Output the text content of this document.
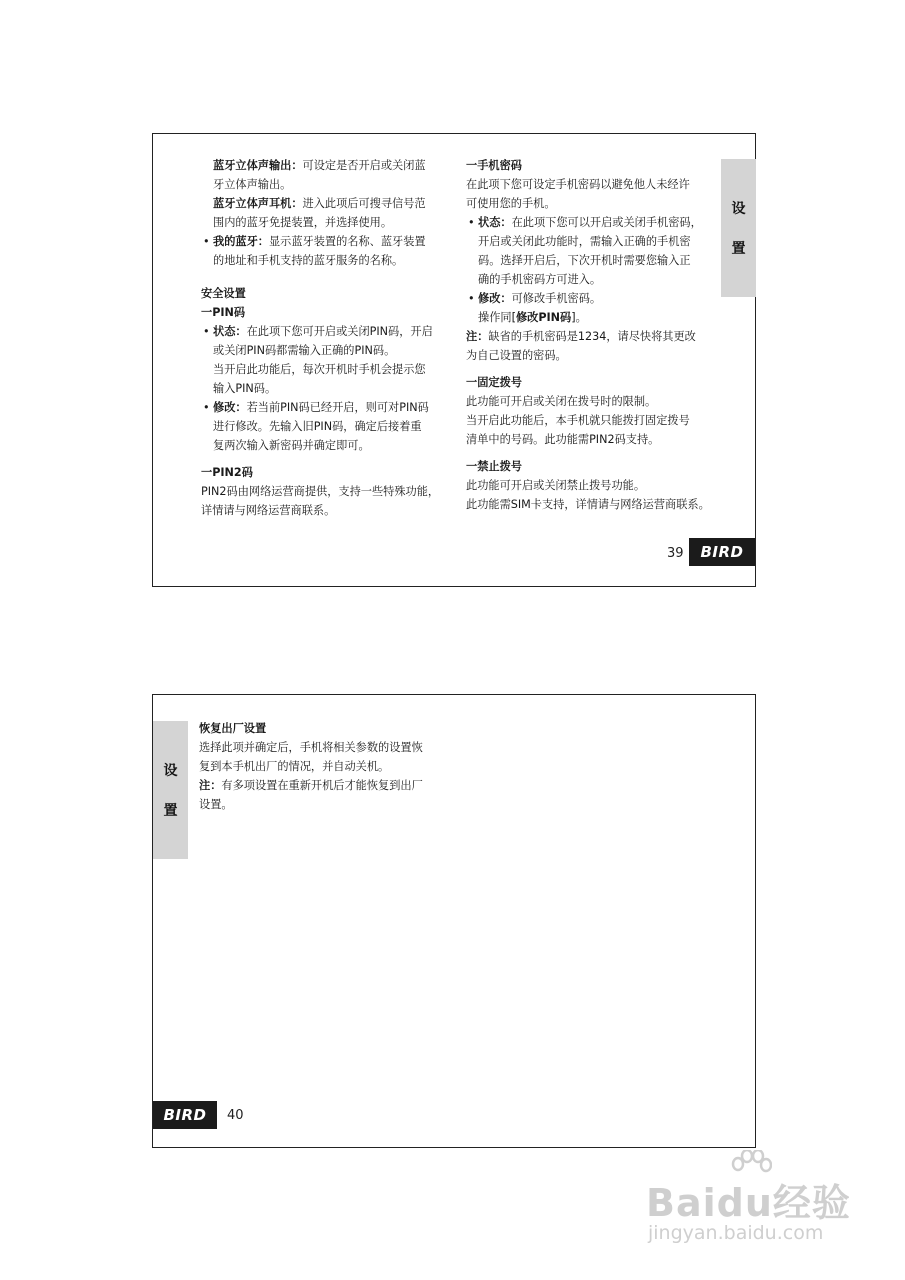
蓝牙立体声输出：可设定是否开启或关闭蓝

牙立体声输出。

蓝牙立体声耳机：进入此项后可搜寻信号范

围内的蓝牙免提装置，并选择使用。

• 我的蓝牙：显示蓝牙装置的名称、蓝牙装置

的地址和手机支持的蓝牙服务的名称。

安全设置

一PIN码

• 状态：在此项下您可开启或关闭PIN码，开启

或关闭PIN码都需输入正确的PIN码。

当开启此功能后，每次开机时手机会提示您

输入PIN码。

• 修改：若当前PIN码已经开启，则可对PIN码

进行修改。先输入旧PIN码，确定后接着重

复两次输入新密码并确定即可。

一PIN2码

PIN2码由网络运营商提供，支持一些特殊功能，

详情请与网络运营商联系。

一手机密码

在此项下您可设定手机密码以避免他人未经许

可使用您的手机。

• 状态：在此项下您可以开启或关闭手机密码，

开启或关闭此功能时，需输入正确的手机密

码。选择开启后，下次开机时需要您输入正

确的手机密码方可进入。

• 修改：可修改手机密码。

操作同[修改PIN码]。

注：缺省的手机密码是1234，请尽快将其更改

为自己设置的密码。

一固定拨号

此功能可开启或关闭在拨号时的限制。

当开启此功能后，本手机就只能拨打固定拨号

清单中的号码。此功能需PIN2码支持。

一禁止拨号

此功能可开启或关闭禁止拨号功能。

此功能需SIM卡支持，详情请与网络运营商联系。

设
置
39	BIRD
设
置

恢复出厂设置

选择此项并确定后，手机将相关参数的设置恢

复到本手机出厂的情况，并自动关机。

注：有多项设置在重新开机后才能恢复到出厂

设置。

BIRD	40
Baidu经验
jingyan.baidu.com
